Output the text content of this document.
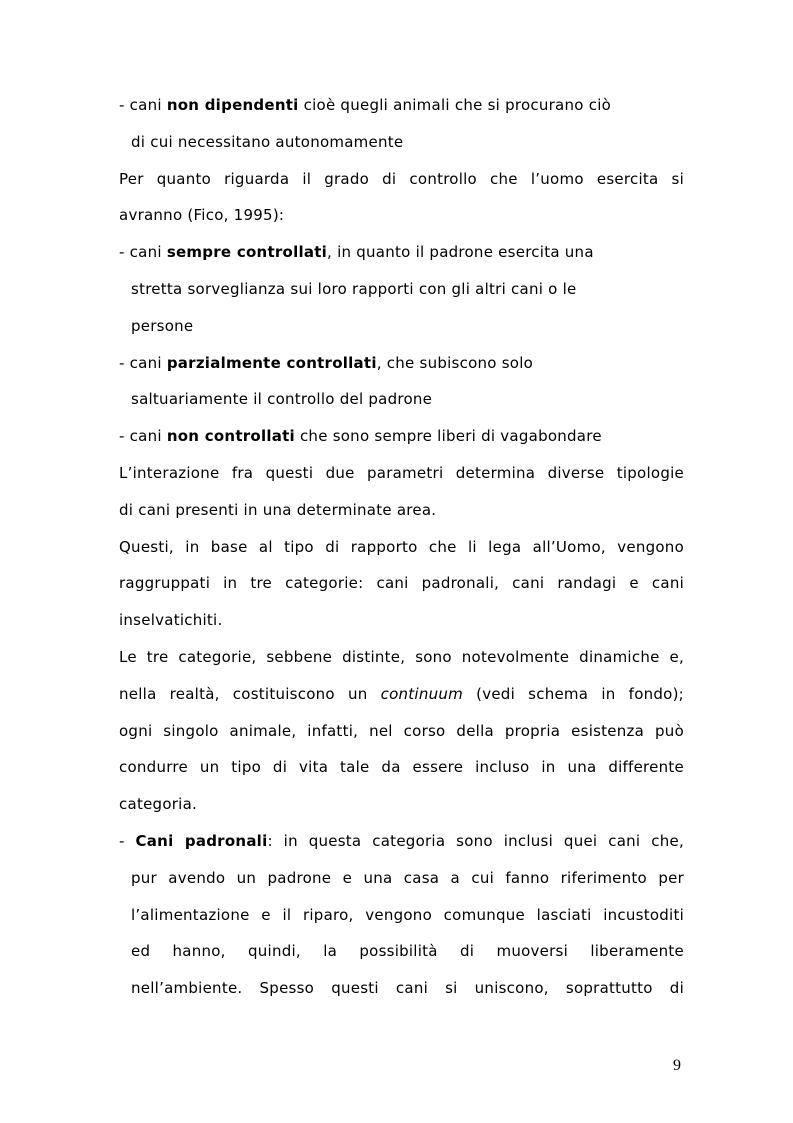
- cani non dipendenti cioè quegli animali che si procurano ciò
di cui necessitano autonomamente
Per quanto riguarda il grado di controllo che l’uomo esercita si
avranno (Fico, 1995):
- cani sempre controllati, in quanto il padrone esercita una
stretta sorveglianza sui loro rapporti con gli altri cani o le
persone
- cani parzialmente controllati, che subiscono solo
saltuariamente il controllo del padrone
- cani non controllati che sono sempre liberi di vagabondare
L’interazione fra questi due parametri determina diverse tipologie
di cani presenti in una determinate area.
Questi, in base al tipo di rapporto che li lega all’Uomo, vengono
raggruppati in tre categorie: cani padronali, cani randagi e cani
inselvatichiti.
Le tre categorie, sebbene distinte, sono notevolmente dinamiche e,
nella realtà, costituiscono un continuum (vedi schema in fondo);
ogni singolo animale, infatti, nel corso della propria esistenza può
condurre un tipo di vita tale da essere incluso in una differente
categoria.
- Cani padronali: in questa categoria sono inclusi quei cani che,
pur avendo un padrone e una casa a cui fanno riferimento per
l’alimentazione e il riparo, vengono comunque lasciati incustoditi
ed hanno, quindi, la possibilità di muoversi liberamente
nell’ambiente. Spesso questi cani si uniscono, soprattutto di
9
